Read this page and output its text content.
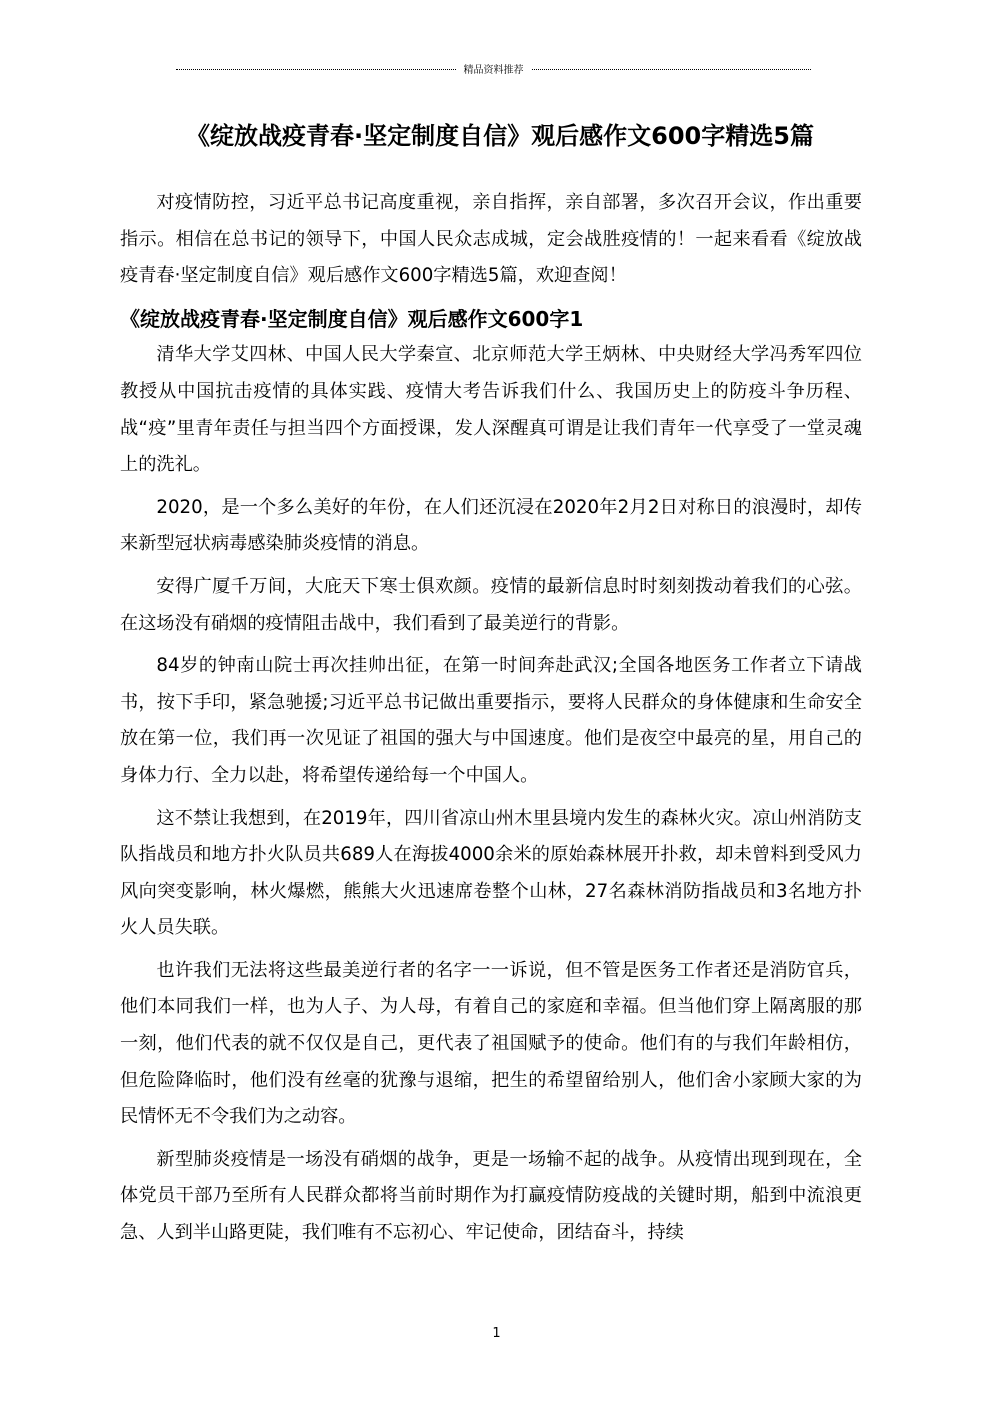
精品资料推荐
《绽放战疫青春·坚定制度自信》观后感作文600字精选5篇

对疫情防控，习近平总书记高度重视，亲自指挥，亲自部署，多次召开会议，作出重要指示。相信在总书记的领导下，中国人民众志成城，定会战胜疫情的！一起来看看《绽放战疫青春·坚定制度自信》观后感作文600字精选5篇，欢迎查阅！

《绽放战疫青春·坚定制度自信》观后感作文600字1

清华大学艾四林、中国人民大学秦宣、北京师范大学王炳林、中央财经大学冯秀军四位教授从中国抗击疫情的具体实践、疫情大考告诉我们什么、我国历史上的防疫斗争历程、战“疫”里青年责任与担当四个方面授课，发人深醒真可谓是让我们青年一代享受了一堂灵魂上的洗礼。

2020，是一个多么美好的年份，在人们还沉浸在2020年2月2日对称日的浪漫时，却传来新型冠状病毒感染肺炎疫情的消息。

安得广厦千万间，大庇天下寒士俱欢颜。疫情的最新信息时时刻刻拨动着我们的心弦。在这场没有硝烟的疫情阻击战中，我们看到了最美逆行的背影。

84岁的钟南山院士再次挂帅出征，在第一时间奔赴武汉;全国各地医务工作者立下请战书，按下手印，紧急驰援;习近平总书记做出重要指示，要将人民群众的身体健康和生命安全放在第一位，我们再一次见证了祖国的强大与中国速度。他们是夜空中最亮的星，用自己的身体力行、全力以赴，将希望传递给每一个中国人。

这不禁让我想到，在2019年，四川省凉山州木里县境内发生的森林火灾。凉山州消防支队指战员和地方扑火队员共689人在海拔4000余米的原始森林展开扑救，却未曾料到受风力风向突变影响，林火爆燃，熊熊大火迅速席卷整个山林，27名森林消防指战员和3名地方扑火人员失联。

也许我们无法将这些最美逆行者的名字一一诉说，但不管是医务工作者还是消防官兵，他们本同我们一样，也为人子、为人母，有着自己的家庭和幸福。但当他们穿上隔离服的那一刻，他们代表的就不仅仅是自己，更代表了祖国赋予的使命。他们有的与我们年龄相仿，但危险降临时，他们没有丝毫的犹豫与退缩，把生的希望留给别人，他们舍小家顾大家的为民情怀无不令我们为之动容。

新型肺炎疫情是一场没有硝烟的战争，更是一场输不起的战争。从疫情出现到现在，全体党员干部乃至所有人民群众都将当前时期作为打赢疫情防疫战的关键时期，船到中流浪更急、人到半山路更陡，我们唯有不忘初心、牢记使命，团结奋斗，持续

1
